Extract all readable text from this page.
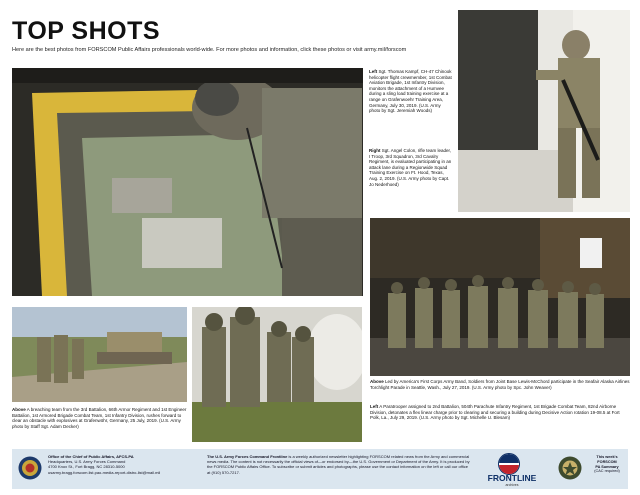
TOP SHOTS
Here are the best photos from FORSCOM Public Affairs professionals world-wide. For more photos and information, click these photos or visit army.mil/forscom
Left Sgt. Thomas Kampf, CH-47 Chinook helicopter flight crewmember, 1st Combat Aviation Brigade, 1st Infantry Division, monitors the attachment of a Humvee during a sling load training exercise at a range on Grafenwoehr Training Area, Germany, July 30, 2019. (U.S. Army photo by Sgt. Jeremiah Woods)
Right Sgt. Angel Colon, rifle team leader, I Troop, 3rd Squadron, 3rd Cavalry Regiment, is evaluated participating in an attack lane during a Regionwide Squad Training Exercise on Ft. Hood, Texas, Aug. 2, 2019. (U.S. Army photo by Capt. Jo Nederhoed)
Above A breaching team from the 3rd Battalion, 66th Armor Regiment and 1st Engineer Battalion, 1st Armored Brigade Combat Team, 1st Infantry Division, rushes forward to clear an obstacle with explosives at Grafenwöhr, Germany, 25 July, 2019. (U.S. Army photo by Staff Sgt. Adam Decker)
Above Led by America's First Corps Army Band, Soldiers from Joint Base Lewis-McChord participate in the Seafair Alaska Airlines Torchlight Parade in Seattle, Wash., July 27, 2019. (U.S. Army photo by Spc. John Weaver)
Left A Paratrooper assigned to 2nd Battalion, 504th Parachute Infantry Regiment, 1st Brigade Combat Team, 82nd Airborne Division, detonates a flex linear charge prior to clearing and securing a building during Decisive Action rotation 19-08.5 at Fort Polk, La., July 29, 2019. (U.S. Army photo by Sgt. Michelle U. Blesam)
Office of the Chief of Public Affairs, AFCS-PA
Headquarters, U.S. Army Forces Command
4700 Knox St., Fort Bragg, NC 28310-5000
usarmy.bragg.forscom.list.pao-media-report-distro-list@mail.mil
The U.S. Army Forces Command Frontline is a weekly authorized newsletter highlighting FORSCOM related news from the Army and commercial news media. The content is not necessarily the official views of—or endorsed by—the U.S. Government or Department of the Army. It is produced by the FORSCOM Public Affairs Office. To subscribe or submit articles and photographs, please use the contact information on the left or call our office at (910) 570-7217.
FRONTLINE
archives
This week's
FORSCOM
PA Summary
(CAC required)
